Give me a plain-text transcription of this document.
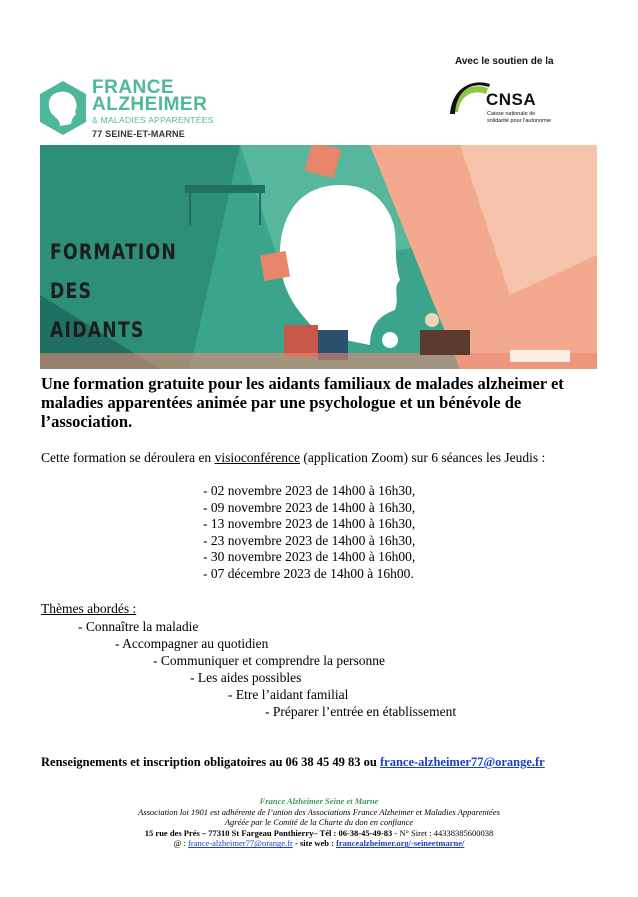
FRANCE
ALZHEIMER
& MALADIES APPARENTÉES
77 SEINE-ET-MARNE
Avec le soutien de la
CNSA
Caisse nationale de solidarité pour l'autonomie
FORMATION
DES
AIDANTS
Une formation gratuite pour les aidants familiaux de malades alzheimer et maladies apparentées animée par une psychologue et un bénévole de l’association.
Cette formation se déroulera en visioconférence (application Zoom) sur 6 séances les Jeudis :
- 02 novembre 2023 de 14h00 à 16h30,
- 09 novembre 2023 de 14h00 à 16h30,
- 13 novembre 2023 de 14h00 à 16h30,
- 23 novembre 2023 de 14h00 à 16h30,
- 30 novembre 2023 de 14h00 à 16h00,
- 07 décembre 2023 de 14h00 à 16h00.
Thèmes abordés :
- Connaître la maladie
- Accompagner au quotidien
- Communiquer et comprendre la personne
- Les aides possibles
- Etre l’aidant familial
- Préparer l’entrée en établissement
Renseignements et inscription obligatoires au 06 38 45 49 83 ou france-alzheimer77@orange.fr
France Alzheimer Seine et Marne
Association loi 1901 est adhérente de l’union des Associations France Alzheimer et Maladies Apparentées
Agréée par le Comité de la Charte du don en confiance
15 rue des Prés – 77310 St Fargeau Ponthierry– Tél : 06-38-45-49-83 - N° Siret : 44338385600038
@ : france-alzheimer77@orange.fr - site web : francealzheimer.org/-seineetmarne/
